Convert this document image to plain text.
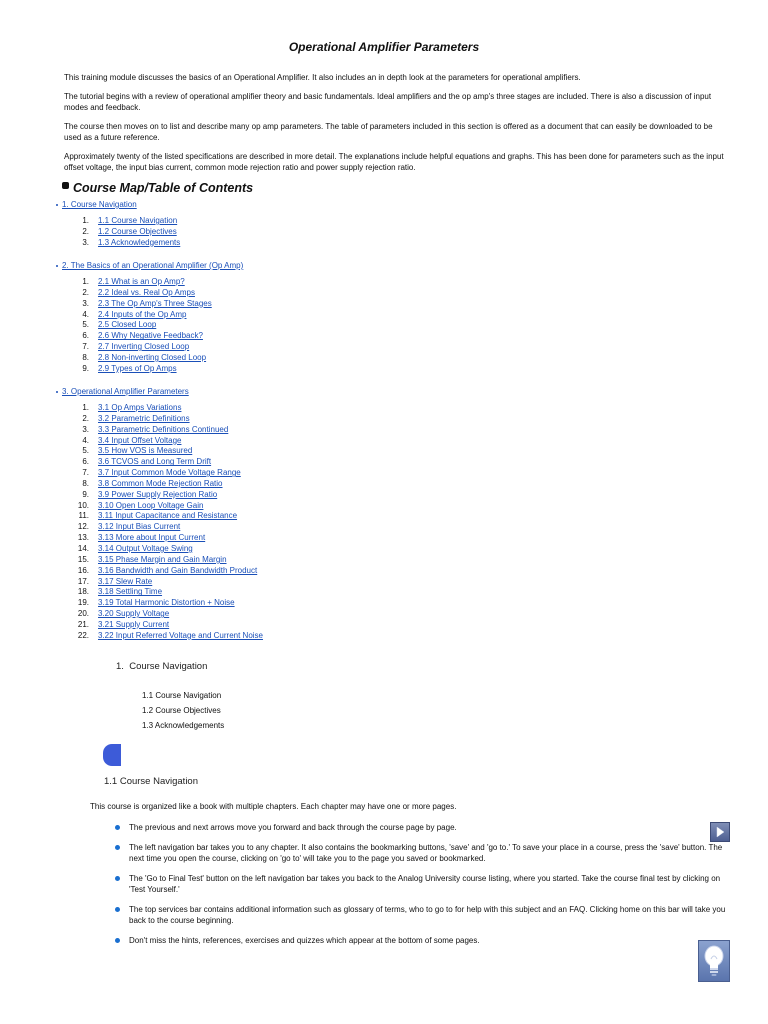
Operational Amplifier Parameters

This training module discusses the basics of an Operational Amplifier. It also includes an in depth look at the parameters for operational amplifiers.

The tutorial begins with a review of operational amplifier theory and basic fundamentals. Ideal amplifiers and the op amp's three stages are included. There is also a discussion of input modes and feedback.

The course then moves on to list and describe many op amp parameters. The table of parameters included in this section is offered as a document that can easily be downloaded to be used as a future reference.

Approximately twenty of the listed specifications are described in more detail. The explanations include helpful equations and graphs. This has been done for parameters such as the input offset voltage, the input bias current, common mode rejection ratio and power supply rejection ratio.

Course Map/Table of Contents
1. Course Navigation
1. 1.1 Course Navigation
2. 1.2 Course Objectives
3. 1.3 Acknowledgements
2. The Basics of an Operational Amplifier (Op Amp)
1. 2.1 What is an Op Amp?
2. 2.2 Ideal vs. Real Op Amps
3. 2.3 The Op Amp's Three Stages
4. 2.4 Inputs of the Op Amp
5. 2.5 Closed Loop
6. 2.6 Why Negative Feedback?
7. 2.7 Inverting Closed Loop
8. 2.8 Non-inverting Closed Loop
9. 2.9 Types of Op Amps
3. Operational Amplifier Parameters
1. 3.1 Op Amps Variations
2. 3.2 Parametric Definitions
3. 3.3 Parametric Definitions Continued
4. 3.4 Input Offset Voltage
5. 3.5 How VOS is Measured
6. 3.6 TCVOS and Long Term Drift
7. 3.7 Input Common Mode Voltage Range
8. 3.8 Common Mode Rejection Ratio
9. 3.9 Power Supply Rejection Ratio
10. 3.10 Open Loop Voltage Gain
11. 3.11 Input Capacitance and Resistance
12. 3.12 Input Bias Current
13. 3.13 More about Input Current
14. 3.14 Output Voltage Swing
15. 3.15 Phase Margin and Gain Margin
16. 3.16 Bandwidth and Gain Bandwidth Product
17. 3.17 Slew Rate
18. 3.18 Settling Time
19. 3.19 Total Harmonic Distortion + Noise
20. 3.20 Supply Voltage
21. 3.21 Supply Current
22. 3.22 Input Referred Voltage and Current Noise
1. Course Navigation
1.1 Course Navigation
1.2 Course Objectives
1.3 Acknowledgements
1.1 Course Navigation
This course is organized like a book with multiple chapters. Each chapter may have one or more pages.
The previous and next arrows move you forward and back through the course page by page.
The left navigation bar takes you to any chapter. It also contains the bookmarking buttons, 'save' and 'go to.' To save your place in a course, press the 'save' button. The next time you open the course, clicking on 'go to' will take you to the page you saved or bookmarked.
The 'Go to Final Test' button on the left navigation bar takes you back to the Analog University course listing, where you started. Take the course final test by clicking on 'Test Yourself.'
The top services bar contains additional information such as glossary of terms, who to go to for help with this subject and an FAQ. Clicking home on this bar will take you back to the course beginning.
Don't miss the hints, references, exercises and quizzes which appear at the bottom of some pages.
